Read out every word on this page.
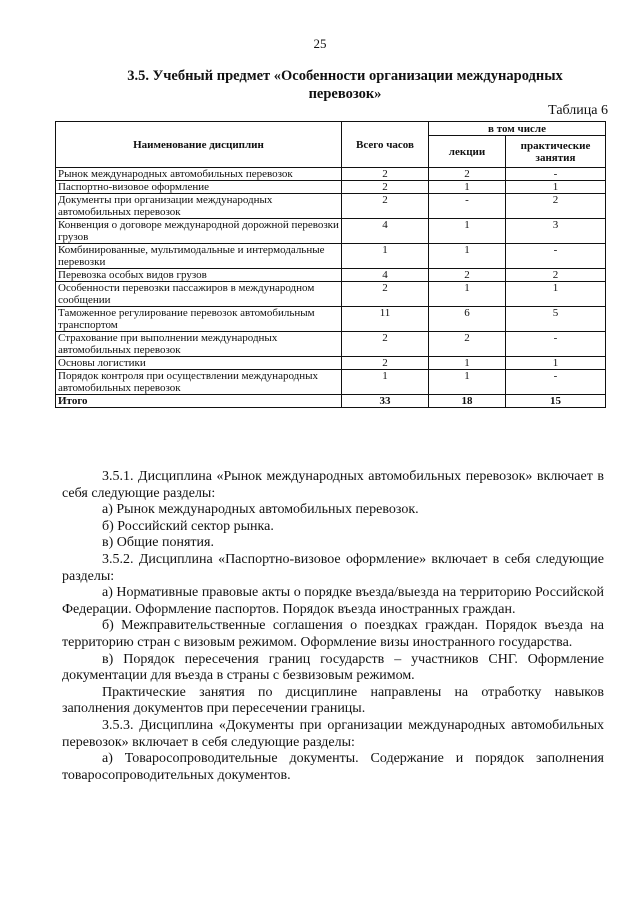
25
3.5. Учебный предмет «Особенности организации международных перевозок»
Таблица 6
Наименование дисциплин	Всего часов	в том числе	
		лекции	практические занятия
Рынок международных автомобильных перевозок	2	2	-
Паспортно-визовое оформление	2	1	1
Документы при организации международных автомобильных перевозок	2	-	2
Конвенция о договоре международной дорожной перевозки грузов	4	1	3
Комбинированные, мультимодальные и интермодальные перевозки	1	1	-
Перевозка особых видов грузов	4	2	2
Особенности перевозки пассажиров в международном сообщении	2	1	1
Таможенное регулирование перевозок автомобильным транспортом	11	6	5
Страхование при выполнении международных автомобильных перевозок	2	2	-
Основы логистики	2	1	1
Порядок контроля при осуществлении международных автомобильных перевозок	1	1	-
Итого	33	18	15

3.5.1. Дисциплина «Рынок международных автомобильных перевозок» включает в себя следующие разделы:

а) Рынок международных автомобильных перевозок.

б) Российский сектор рынка.

в) Общие понятия.

3.5.2. Дисциплина «Паспортно-визовое оформление» включает в себя следующие разделы:

а) Нормативные правовые акты о порядке въезда/выезда на территорию Российской Федерации. Оформление паспортов. Порядок въезда иностранных граждан.

б) Межправительственные соглашения о поездках граждан. Порядок въезда на территорию стран с визовым режимом. Оформление визы иностранного государства.

в) Порядок пересечения границ государств – участников СНГ. Оформление документации для въезда в страны с безвизовым режимом.

Практические занятия по дисциплине направлены на отработку навыков заполнения документов при пересечении границы.

3.5.3. Дисциплина «Документы при организации международных автомобильных перевозок» включает в себя следующие разделы:

а) Товаросопроводительные документы. Содержание и порядок заполнения товаросопроводительных документов.
